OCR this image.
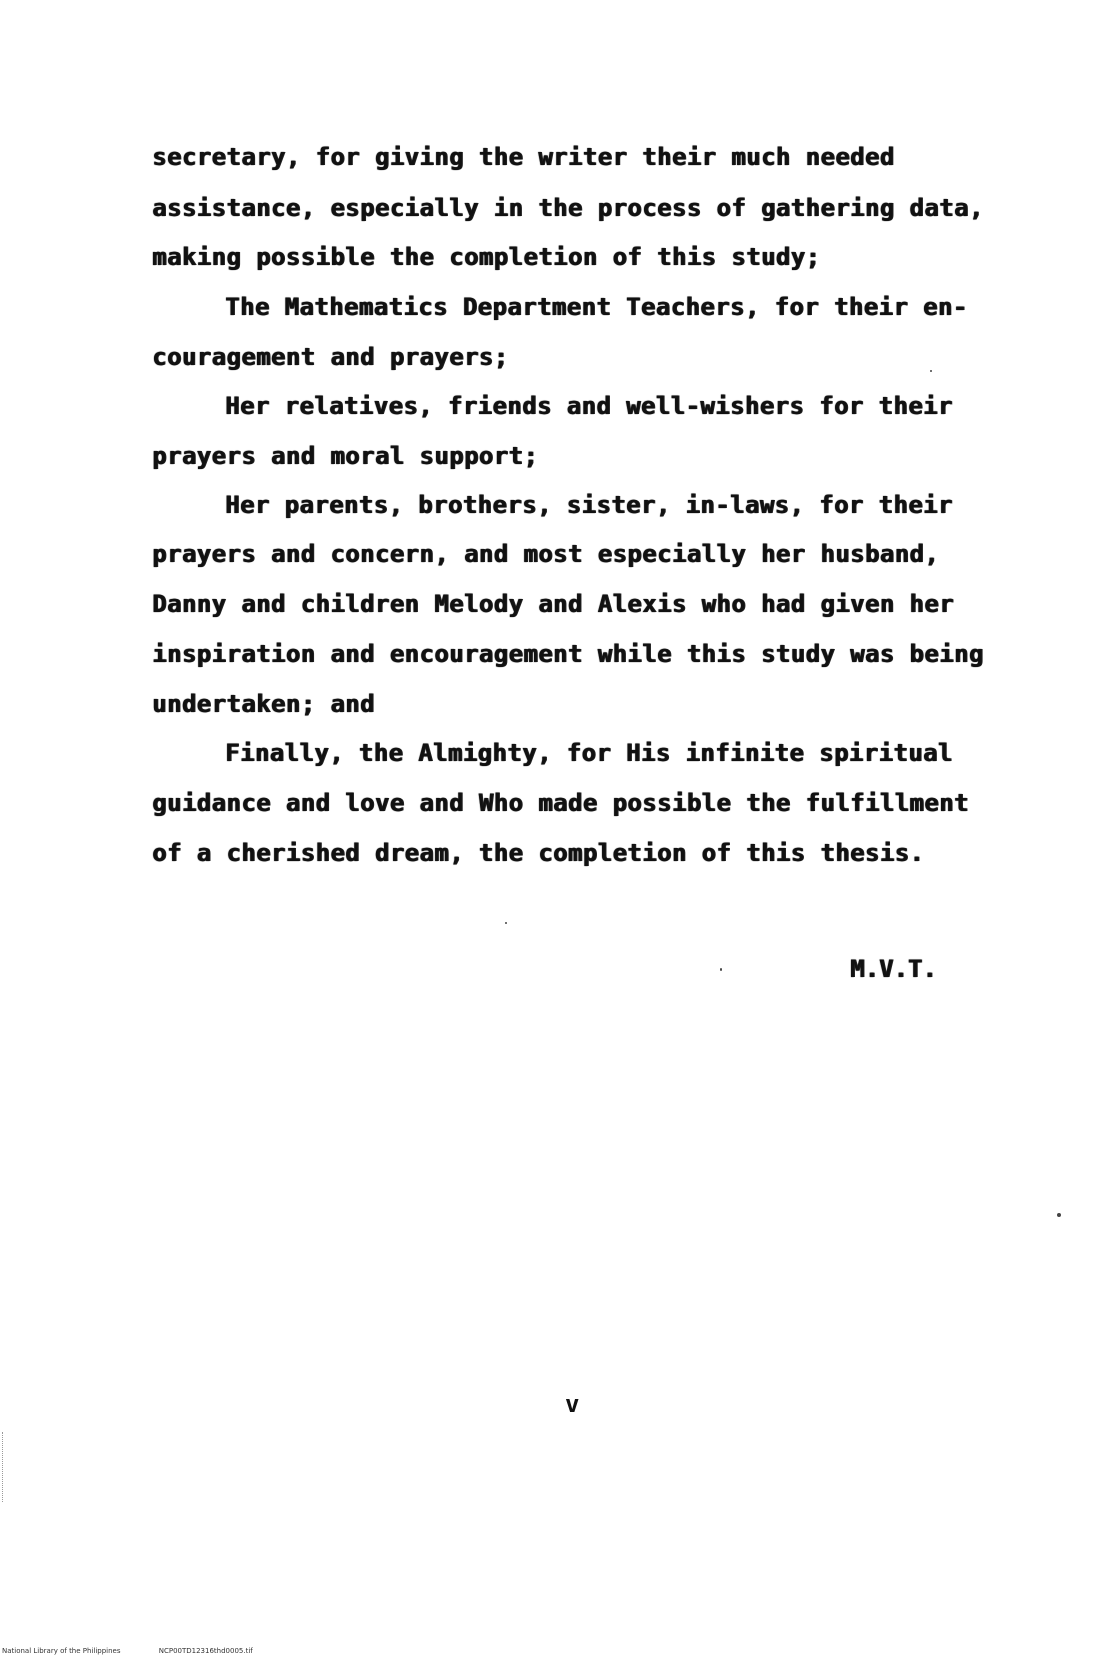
secretary, for giving the writer their much needed
assistance, especially in the process of gathering data,
making possible the completion of this study;
The Mathematics Department Teachers, for their en-
couragement and prayers;
Her relatives, friends and well-wishers for their
prayers and moral support;
Her parents, brothers, sister, in-laws, for their
prayers and concern, and most especially her husband,
Danny and children Melody and Alexis who had given her
inspiration and encouragement while this study was being
undertaken; and
Finally, the Almighty, for His infinite spiritual
guidance and love and Who made possible the fulfillment
of a cherished dream, the completion of this thesis.
M.V.T.
v
National Library of the Philippines	NCP00TD12316thd0005.tif
